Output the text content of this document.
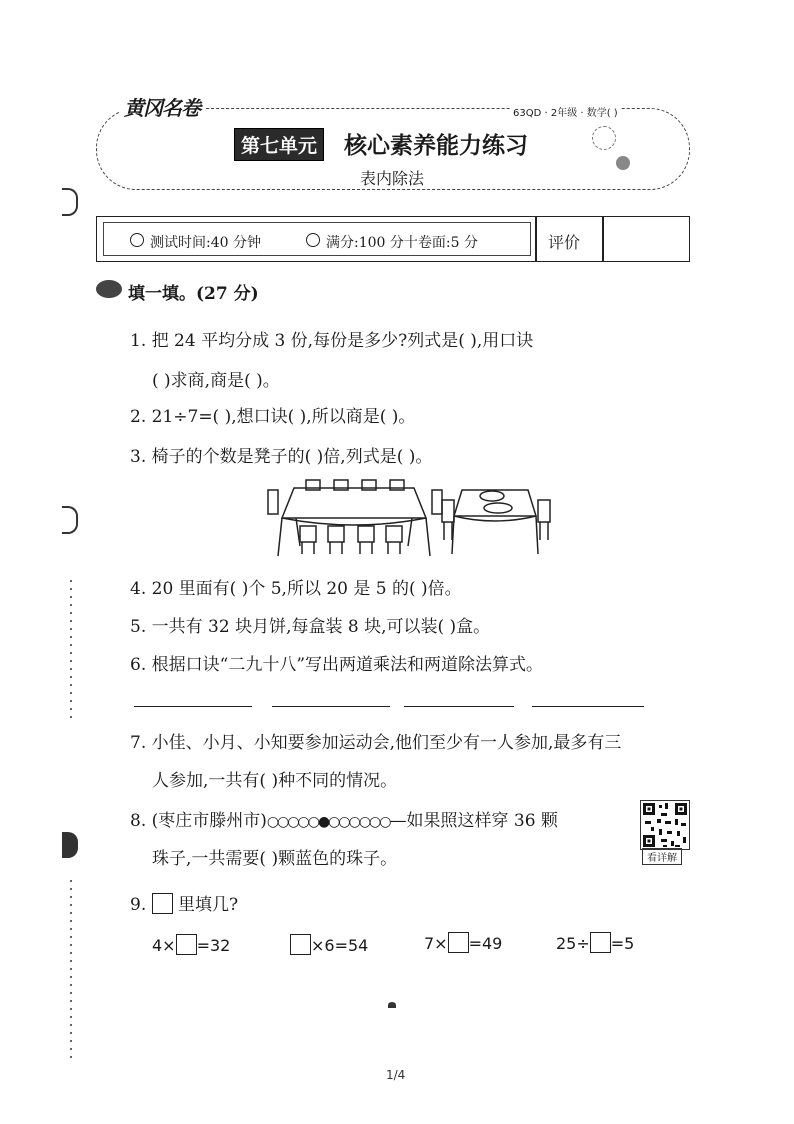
黄冈名卷	63QD · 2年级 · 数学( )
第七单元	核心素养能力练习
表内除法
测试时间:40 分钟	满分:100 分十卷面:5 分	评价
填一填。(27 分)
1. 把 24 平均分成 3 份,每份是多少?列式是( ),用口诀
( )求商,商是( )。
2. 21÷7=( ),想口诀( ),所以商是( )。
3. 椅子的个数是凳子的( )倍,列式是( )。
4. 20 里面有( )个 5,所以 20 是 5 的( )倍。
5. 一共有 32 块月饼,每盒装 8 块,可以装( )盒。
6. 根据口诀“二九十八”写出两道乘法和两道除法算式。
7. 小佳、小月、小知要参加运动会,他们至少有一人参加,最多有三
人参加,一共有( )种不同的情况。
8. (枣庄市滕州市)○○○○○●○○○○○○—如果照这样穿 36 颗
珠子,一共需要( )颗蓝色的珠子。	看详解
9. 里填几?
4× =32	×6=54	7× =49	25÷ =5
1/4
